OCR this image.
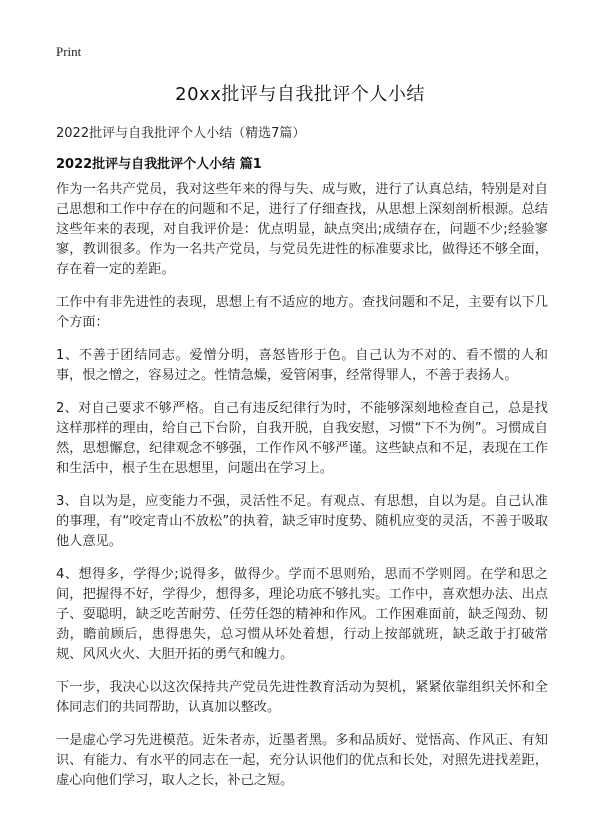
Print
20xx批评与自我批评个人小结
2022批评与自我批评个人小结（精选7篇）
2022批评与自我批评个人小结 篇1

作为一名共产党员，我对这些年来的得与失、成与败，进行了认真总结，特别是对自己思想和工作中存在的问题和不足，进行了仔细查找，从思想上深刻剖析根源。总结这些年来的表现，对自我评价是：优点明显，缺点突出;成绩存在，问题不少;经验寥寥，教训很多。作为一名共产党员，与党员先进性的标准要求比，做得还不够全面，存在着一定的差距。

工作中有非先进性的表现，思想上有不适应的地方。查找问题和不足，主要有以下几个方面：

1、不善于团结同志。爱憎分明，喜怒皆形于色。自己认为不对的、看不惯的人和事，恨之憎之，容易过之。性情急燥，爱管闲事，经常得罪人，不善于表扬人。

2、对自己要求不够严格。自己有违反纪律行为时，不能够深刻地检查自己，总是找这样那样的理由，给自己下台阶，自我开脱，自我安慰，习惯“下不为例”。习惯成自然，思想懈怠，纪律观念不够强，工作作风不够严谨。这些缺点和不足，表现在工作和生活中，根子生在思想里，问题出在学习上。

3、自以为是，应变能力不强，灵活性不足。有观点、有思想，自以为是。自己认准的事理，有“咬定青山不放松”的执着，缺乏审时度势、随机应变的灵活，不善于吸取他人意见。

4、想得多，学得少;说得多，做得少。学而不思则殆，思而不学则罔。在学和思之间，把握得不好，学得少，想得多，理论功底不够扎实。工作中，喜欢想办法、出点子、耍聪明，缺乏吃苦耐劳、任劳任怨的精神和作风。工作困难面前，缺乏闯劲、韧劲，瞻前顾后，患得患失，总习惯从坏处着想，行动上按部就班，缺乏敢于打破常规、风风火火、大胆开拓的勇气和魄力。

下一步，我决心以这次保持共产党员先进性教育活动为契机，紧紧依靠组织关怀和全体同志们的共同帮助，认真加以整改。

一是虚心学习先进模范。近朱者赤，近墨者黑。多和品质好、觉悟高、作风正、有知识、有能力、有水平的同志在一起，充分认识他们的优点和长处，对照先进找差距，虚心向他们学习，取人之长，补己之短。
